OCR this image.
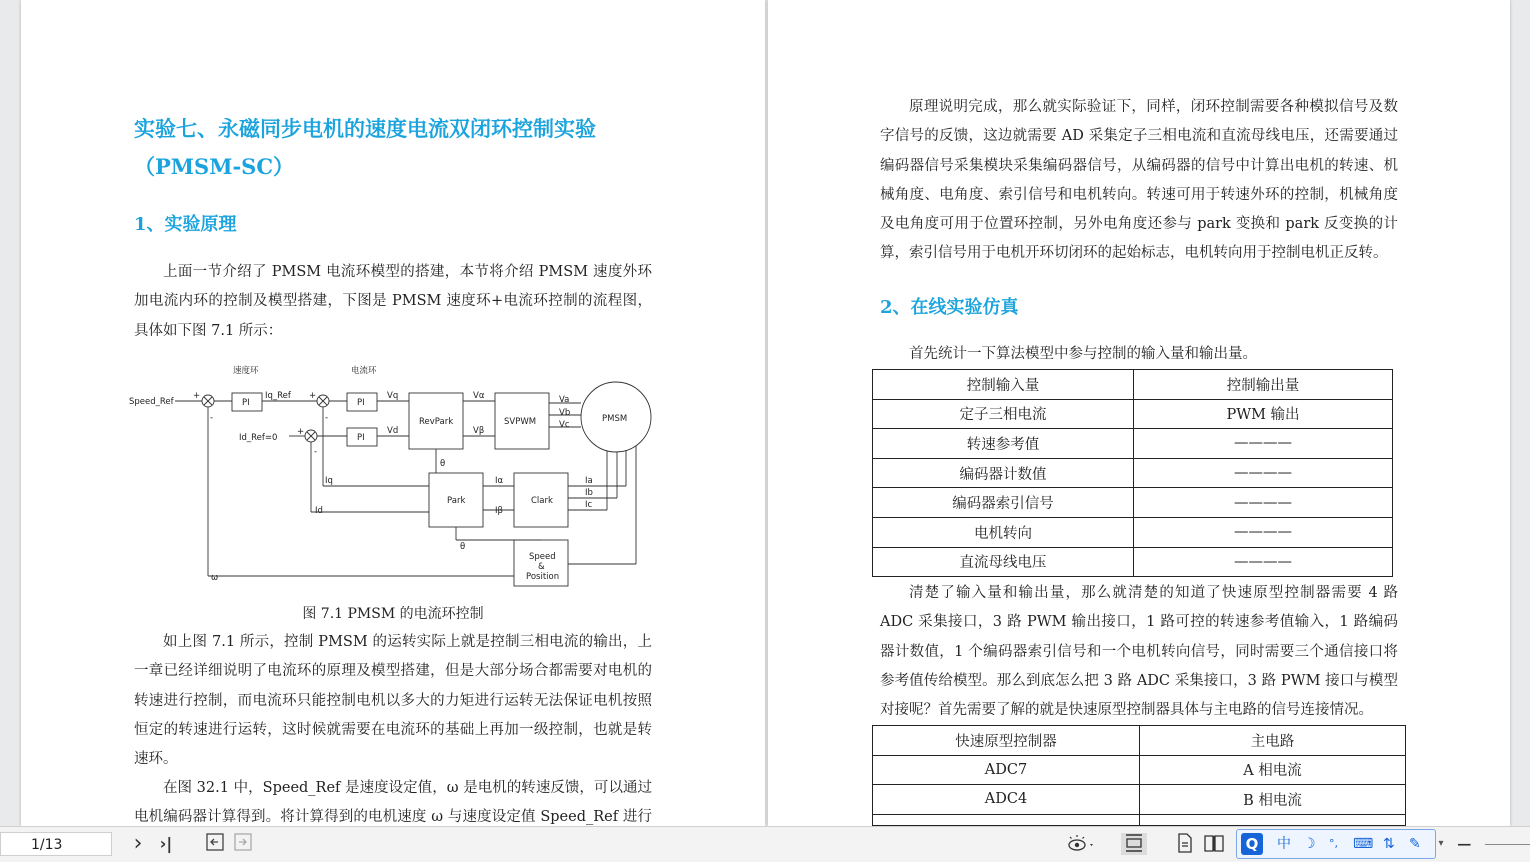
实验七、永磁同步电机的速度电流双闭环控制实验
（PMSM-SC）
1、实验原理

上面一节介绍了 PMSM 电流环模型的搭建，本节将介绍 PMSM 速度外环加电流内环的控制及模型搭建，下图是 PMSM 速度环+电流环控制的流程图，具体如下图 7.1 所示：

速度环	电流环
Speed_Ref
Iq_Ref
Id_Ref=0
PI	PI
PI
Vq
Vd
RevPark
Vα
Vβ
SVPWM
Va
Vb
Vc
PMSM
θ
Iq
Id
Park	Clark
Iα
Iβ
Ia
Ib
Ic
θ
Speed
&
Position
ω
+
-
+
-
+
-
图 7.1 PMSM 的电流环控制

如上图 7.1 所示，控制 PMSM 的运转实际上就是控制三相电流的输出，上一章已经详细说明了电流环的原理及模型搭建，但是大部分场合都需要对电机的转速进行控制，而电流环只能控制电机以多大的力矩进行运转无法保证电机按照恒定的转速进行运转，这时候就需要在电流环的基础上再加一级控制，也就是转速环。

在图 32.1 中，Speed_Ref 是速度设定值，ω 是电机的转速反馈，可以通过电机编码器计算得到。将计算得到的电机速度 ω 与速度设定值 Speed_Ref 进行

原理说明完成，那么就实际验证下，同样，闭环控制需要各种模拟信号及数字信号的反馈，这边就需要 AD 采集定子三相电流和直流母线电压，还需要通过编码器信号采集模块采集编码器信号，从编码器的信号中计算出电机的转速、机械角度、电角度、索引信号和电机转向。转速可用于转速外环的控制，机械角度及电角度可用于位置环控制，另外电角度还参与 park 变换和 park 反变换的计算，索引信号用于电机开环切闭环的起始标志，电机转向用于控制电机正反转。

2、在线实验仿真

首先统计一下算法模型中参与控制的输入量和输出量。

控制输入量	控制输出量
定子三相电流	PWM 输出
转速参考值	————
编码器计数值	————
编码器索引信号	————
电机转向	————
直流母线电压	————

清楚了输入量和输出量，那么就清楚的知道了快速原型控制器需要 4 路 ADC 采集接口，3 路 PWM 输出接口，1 路可控的转速参考值输入，1 路编码器计数值，1 个编码器索引信号和一个电机转向信号，同时需要三个通信接口将参考值传给模型。那么到底怎么把 3 路 ADC 采集接口，3 路 PWM 接口与模型对接呢？首先需要了解的就是快速原型控制器具体与主电路的信号连接情况。

快速原型控制器	主电路
ADC7	A 相电流
ADC4	B 相电流

1/13	› ›|	Q	中 ☽ °, ⌨ ⇅ ✎ ▾ −
